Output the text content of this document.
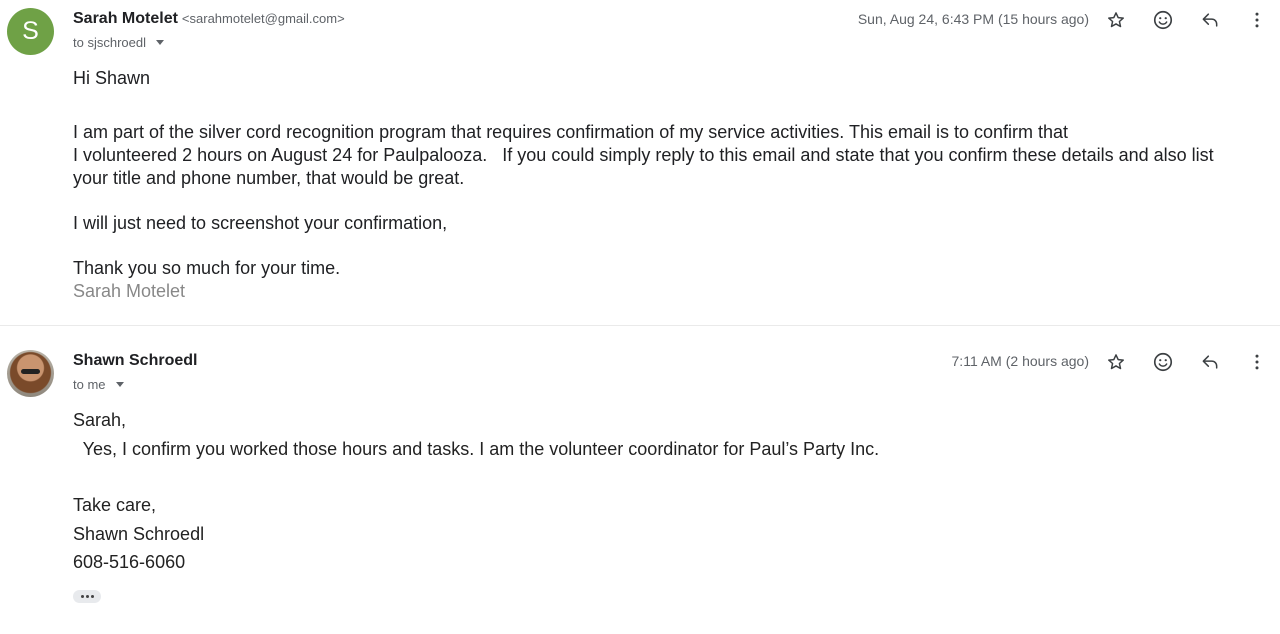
S	Sarah Motelet <sarahmotelet@gmail.com>
to sjschroedl
Sun, Aug 24, 6:43 PM (15 hours ago)

Hi Shawn

I am part of the silver cord recognition program that requires confirmation of my service activities. This email is to confirm that

I volunteered 2 hours on August 24 for Paulpalooza.   If you could simply reply to this email and state that you confirm these details and also list

your title and phone number, that would be great.

I will just need to screenshot your confirmation,

Thank you so much for your time.

Sarah Motelet

Shawn Schroedl
to me
7:11 AM (2 hours ago)
Sarah,
Yes, I confirm you worked those hours and tasks. I am the volunteer coordinator for Paul’s Party Inc.
Take care,
Shawn Schroedl
608-516-6060
